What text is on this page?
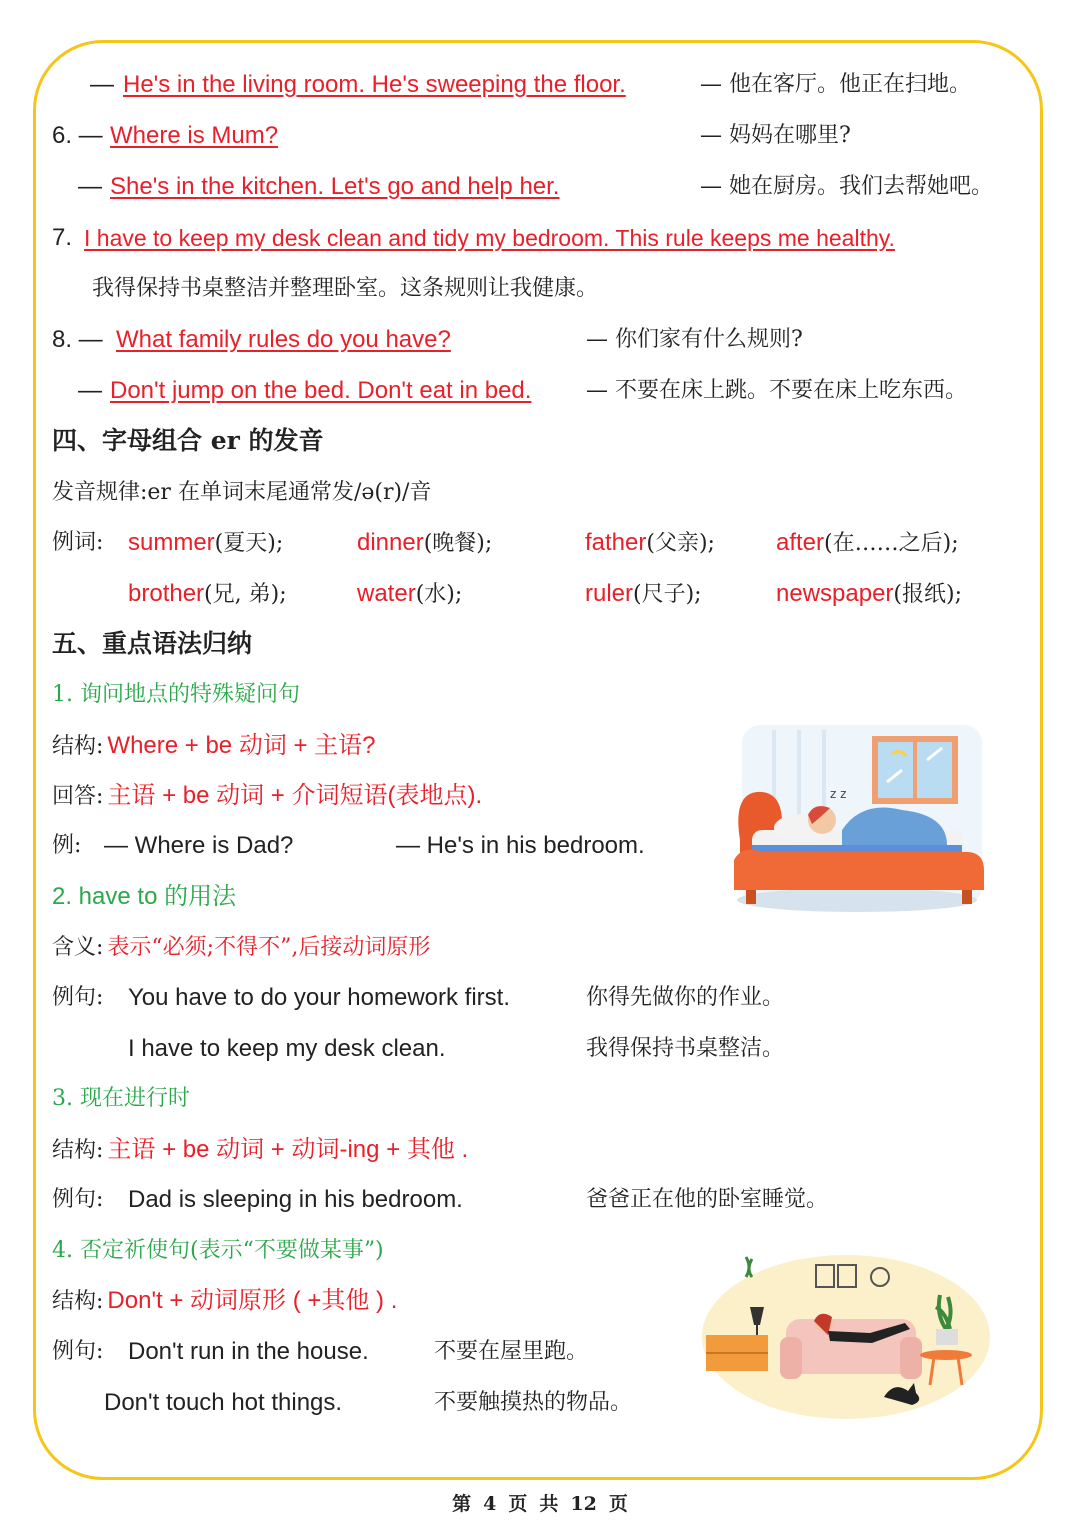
— He's in the living room. He's sweeping the floor.	— 他在客厅。他正在扫地。
6. — Where is Mum?	— 妈妈在哪里?
— She's in the kitchen. Let's go and help her.	— 她在厨房。我们去帮她吧。
7. I have to keep my desk clean and tidy my bedroom. This rule keeps me healthy.
我得保持书桌整洁并整理卧室。这条规则让我健康。
8. — What family rules do you have?	— 你们家有什么规则?
— Don't jump on the bed. Don't eat in bed. — 不要在床上跳。不要在床上吃东西。
四、字母组合 er 的发音
发音规律:er 在单词末尾通常发/ə(r)/音
例词: summer(夏天);	dinner(晚餐);	father(父亲);	after(在……之后);
brother(兄, 弟);	water(水);	ruler(尺子);	newspaper(报纸);
五、重点语法归纳
1. 询问地点的特殊疑问句
结构: Where + be 动词 + 主语?
回答: 主语 + be 动词 + 介词短语(表地点).
例: — Where is Dad?	— He's in his bedroom.
2. have to 的用法
含义: 表示“必须;不得不”,后接动词原形
例句: You have to do your homework first.	你得先做你的作业。
I have to keep my desk clean.	我得保持书桌整洁。
3. 现在进行时
结构: 主语 + be 动词 + 动词-ing + 其他 .
例句: Dad is sleeping in his bedroom.	爸爸正在他的卧室睡觉。
4. 否定祈使句(表示“不要做某事”)
结构: Don't + 动词原形 ( +其他 ) .
例句: Don't run in the house.	不要在屋里跑。
Don't touch hot things.	不要触摸热的物品。
z z
第 4 页 共 12 页
